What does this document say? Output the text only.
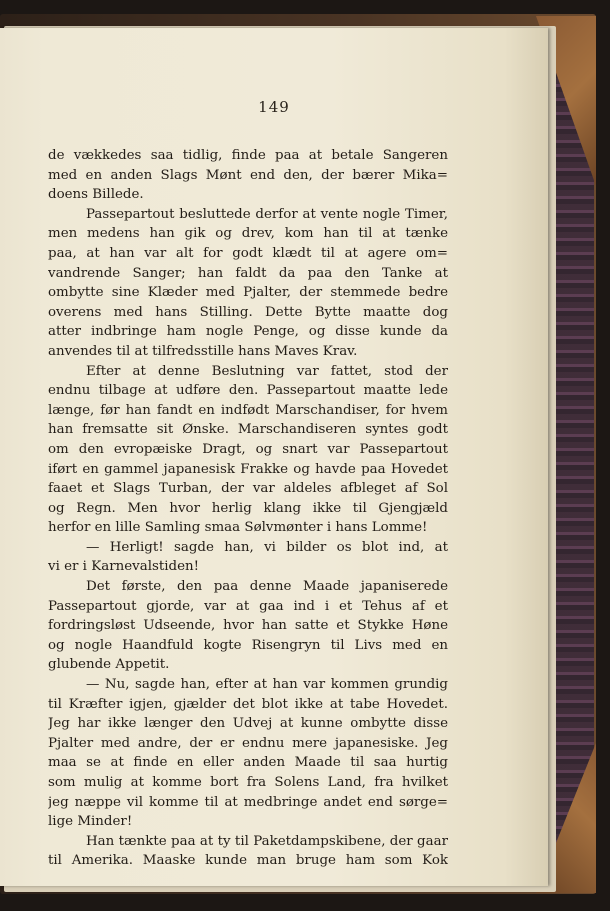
149
de vækkedes saa tidlig, finde paa at betale Sangeren
med en anden Slags Mønt end den, der bærer Mika=
doens Billede.
Passepartout besluttede derfor at vente nogle Timer,
men medens han gik og drev, kom han til at tænke
paa, at han var alt for godt klædt til at agere om=
vandrende Sanger; han faldt da paa den Tanke at
ombytte sine Klæder med Pjalter, der stemmede bedre
overens med hans Stilling. Dette Bytte maatte dog
atter indbringe ham nogle Penge, og disse kunde da
anvendes til at tilfredsstille hans Maves Krav.
Efter at denne Beslutning var fattet, stod der
endnu tilbage at udføre den. Passepartout maatte lede
længe, før han fandt en indfødt Marschandiser, for hvem
han fremsatte sit Ønske. Marschandiseren syntes godt
om den evropæiske Dragt, og snart var Passepartout
iført en gammel japanesisk Frakke og havde paa Hovedet
faaet et Slags Turban, der var aldeles afbleget af Sol
og Regn. Men hvor herlig klang ikke til Gjengjæld
herfor en lille Samling smaa Sølvmønter i hans Lomme!
— Herligt! sagde han, vi bilder os blot ind, at
vi er i Karnevalstiden!
Det første, den paa denne Maade japaniserede
Passepartout gjorde, var at gaa ind i et Tehus af et
fordringsløst Udseende, hvor han satte et Stykke Høne
og nogle Haandfuld kogte Risengryn til Livs med en
glubende Appetit.
— Nu, sagde han, efter at han var kommen grundig
til Kræfter igjen, gjælder det blot ikke at tabe Hovedet.
Jeg har ikke længer den Udvej at kunne ombytte disse
Pjalter med andre, der er endnu mere japanesiske. Jeg
maa se at finde en eller anden Maade til saa hurtig
som mulig at komme bort fra Solens Land, fra hvilket
jeg næppe vil komme til at medbringe andet end sørge=
lige Minder!
Han tænkte paa at ty til Paketdampskibene, der gaar
til Amerika. Maaske kunde man bruge ham som Kok
